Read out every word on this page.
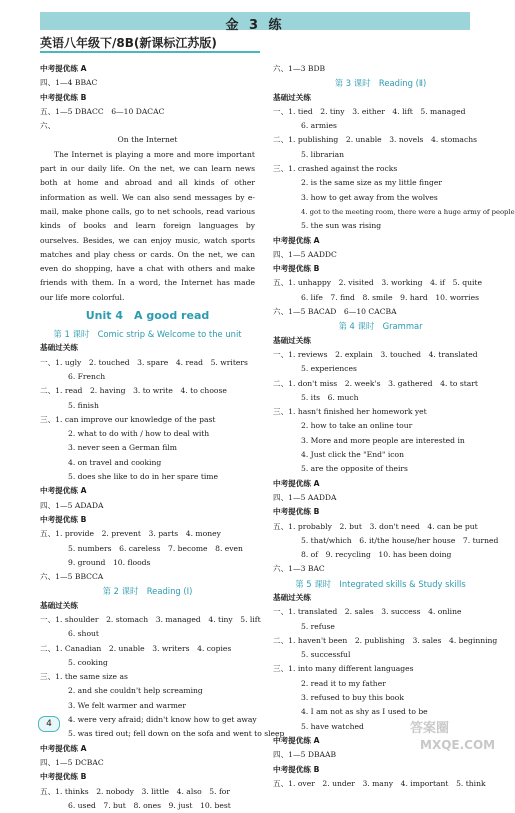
金 3 练
英语八年级下/8B(新课标江苏版)
中考提优练 A
四、1—4 BBAC
中考提优练 B
五、1—5 DBACC　6—10 DACAC
六、
On the Internet
The Internet is playing a more and more important part in our daily life. On the net, we can learn news both at home and abroad and all kinds of other information as well. We can also send messages by e-mail, make phone calls, go to net schools, read various kinds of books and learn foreign languages by ourselves. Besides, we can enjoy music, watch sports matches and play chess or cards. On the net, we can even do shopping, have a chat with others and make friends with them. In a word, the Internet has made our life more colorful.
Unit 4　A good read
第 1 课时　Comic strip & Welcome to the unit
基础过关练
一、1. ugly　2. touched　3. spare　4. read　5. writers
6. French
二、1. read　2. having　3. to write　4. to choose
5. finish
三、1. can improve our knowledge of the past
2. what to do with / how to deal with
3. never seen a German film
4. on travel and cooking
5. does she like to do in her spare time
中考提优练 A
四、1—5 ADADA
中考提优练 B
五、1. provide　2. prevent　3. parts　4. money
5. numbers　6. careless　7. become　8. even
9. ground　10. floods
六、1—5 BBCCA
第 2 课时　Reading (Ⅰ)
基础过关练
一、1. shoulder　2. stomach　3. managed　4. tiny　5. lift
6. shout
二、1. Canadian　2. unable　3. writers　4. copies
5. cooking
三、1. the same size as
2. and she couldn't help screaming
3. We felt warmer and warmer
4. were very afraid; didn't know how to get away
5. was tired out; fell down on the sofa and went to sleep
中考提优练 A
四、1—5 DCBAC
中考提优练 B
五、1. thinks　2. nobody　3. little　4. also　5. for
6. used　7. but　8. ones　9. just　10. best
六、1—3 BDB
第 3 课时　Reading (Ⅱ)
基础过关练
一、1. tied　2. tiny　3. either　4. lift　5. managed
6. armies
二、1. publishing　2. unable　3. novels　4. stomachs
5. librarian
三、1. crashed against the rocks
2. is the same size as my little finger
3. how to get away from the wolves
4. got to the meeting room, there were a huge army of people
5. the sun was rising
中考提优练 A
四、1—5 AADDC
中考提优练 B
五、1. unhappy　2. visited　3. working　4. if　5. quite
6. life　7. find　8. smile　9. hard　10. worries
六、1—5 BACAD　6—10 CACBA
第 4 课时　Grammar
基础过关练
一、1. reviews　2. explain　3. touched　4. translated
5. experiences
二、1. don't miss　2. week's　3. gathered　4. to start
5. its　6. much
三、1. hasn't finished her homework yet
2. how to take an online tour
3. More and more people are interested in
4. Just click the "End" icon
5. are the opposite of theirs
中考提优练 A
四、1—5 AADDA
中考提优练 B
五、1. probably　2. but　3. don't need　4. can be put
5. that/which　6. it/the house/her house　7. turned
8. of　9. recycling　10. has been doing
六、1—3 BAC
第 5 课时　Integrated skills & Study skills
基础过关练
一、1. translated　2. sales　3. success　4. online
5. refuse
二、1. haven't been　2. publishing　3. sales　4. beginning
5. successful
三、1. into many different languages
2. read it to my father
3. refused to buy this book
4. I am not as shy as I used to be
5. have watched
中考提优练 A
四、1—5 DBAAB
中考提优练 B
五、1. over　2. under　3. many　4. important　5. think
4	答案圈
MXQE.COM
